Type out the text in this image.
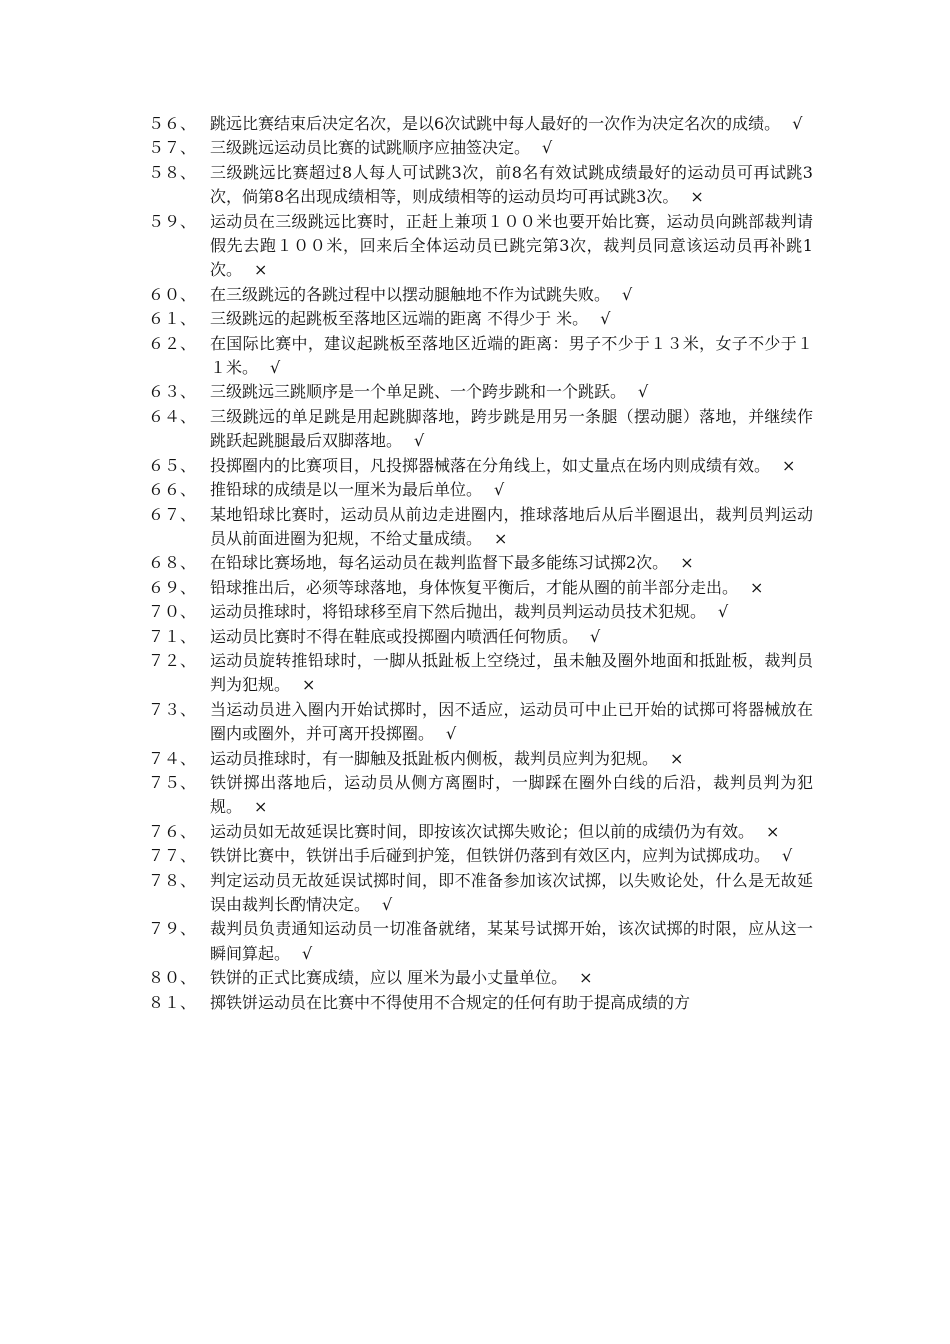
５６、 跳远比赛结束后决定名次，是以6次试跳中每人最好的一次作为决定名次的成绩。 √
５７、 三级跳远运动员比赛的试跳顺序应抽签决定。 √
５８、 三级跳远比赛超过8人每人可试跳3次，前8名有效试跳成绩最好的运动员可再试跳3次，倘第8名出现成绩相等，则成绩相等的运动员均可再试跳3次。 ×
５９、 运动员在三级跳远比赛时，正赶上兼项１００米也要开始比赛，运动员向跳部裁判请假先去跑１００米，回来后全体运动员已跳完第3次，裁判员同意该运动员再补跳1次。 ×
６０、 在三级跳远的各跳过程中以摆动腿触地不作为试跳失败。 √
６１、 三级跳远的起跳板至落地区远端的距离 不得少于 米。 √
６２、 在国际比赛中，建议起跳板至落地区近端的距离：男子不少于１３米，女子不少于１１米。 √
６３、 三级跳远三跳顺序是一个单足跳、一个跨步跳和一个跳跃。 √
６４、 三级跳远的单足跳是用起跳脚落地，跨步跳是用另一条腿（摆动腿）落地，并继续作跳跃起跳腿最后双脚落地。 √
６５、 投掷圈内的比赛项目，凡投掷器械落在分角线上，如丈量点在场内则成绩有效。 ×
６６、 推铅球的成绩是以一厘米为最后单位。 √
６７、 某地铅球比赛时，运动员从前边走进圈内，推球落地后从后半圈退出，裁判员判运动员从前面进圈为犯规，不给丈量成绩。 ×
６８、 在铅球比赛场地，每名运动员在裁判监督下最多能练习试掷2次。 ×
６９、 铅球推出后，必须等球落地，身体恢复平衡后，才能从圈的前半部分走出。 ×
７０、 运动员推球时，将铅球移至肩下然后抛出，裁判员判运动员技术犯规。 √
７１、 运动员比赛时不得在鞋底或投掷圈内喷洒任何物质。 √
７２、 运动员旋转推铅球时，一脚从抵趾板上空绕过，虽未触及圈外地面和抵趾板，裁判员判为犯规。 ×
７３、 当运动员进入圈内开始试掷时，因不适应，运动员可中止已开始的试掷可将器械放在圈内或圈外，并可离开投掷圈。 √
７４、 运动员推球时，有一脚触及抵趾板内侧板，裁判员应判为犯规。 ×
７５、 铁饼掷出落地后，运动员从侧方离圈时，一脚踩在圈外白线的后沿，裁判员判为犯规。 ×
７６、 运动员如无故延误比赛时间，即按该次试掷失败论；但以前的成绩仍为有效。 ×
７７、 铁饼比赛中，铁饼出手后碰到护笼，但铁饼仍落到有效区内，应判为试掷成功。 √
７８、 判定运动员无故延误试掷时间，即不准备参加该次试掷，以失败论处，什么是无故延误由裁判长酌情决定。 √
７９、 裁判员负责通知运动员一切准备就绪，某某号试掷开始，该次试掷的时限，应从这一瞬间算起。 √
８０、 铁饼的正式比赛成绩，应以 厘米为最小丈量单位。 ×
８１、 掷铁饼运动员在比赛中不得使用不合规定的任何有助于提高成绩的方
